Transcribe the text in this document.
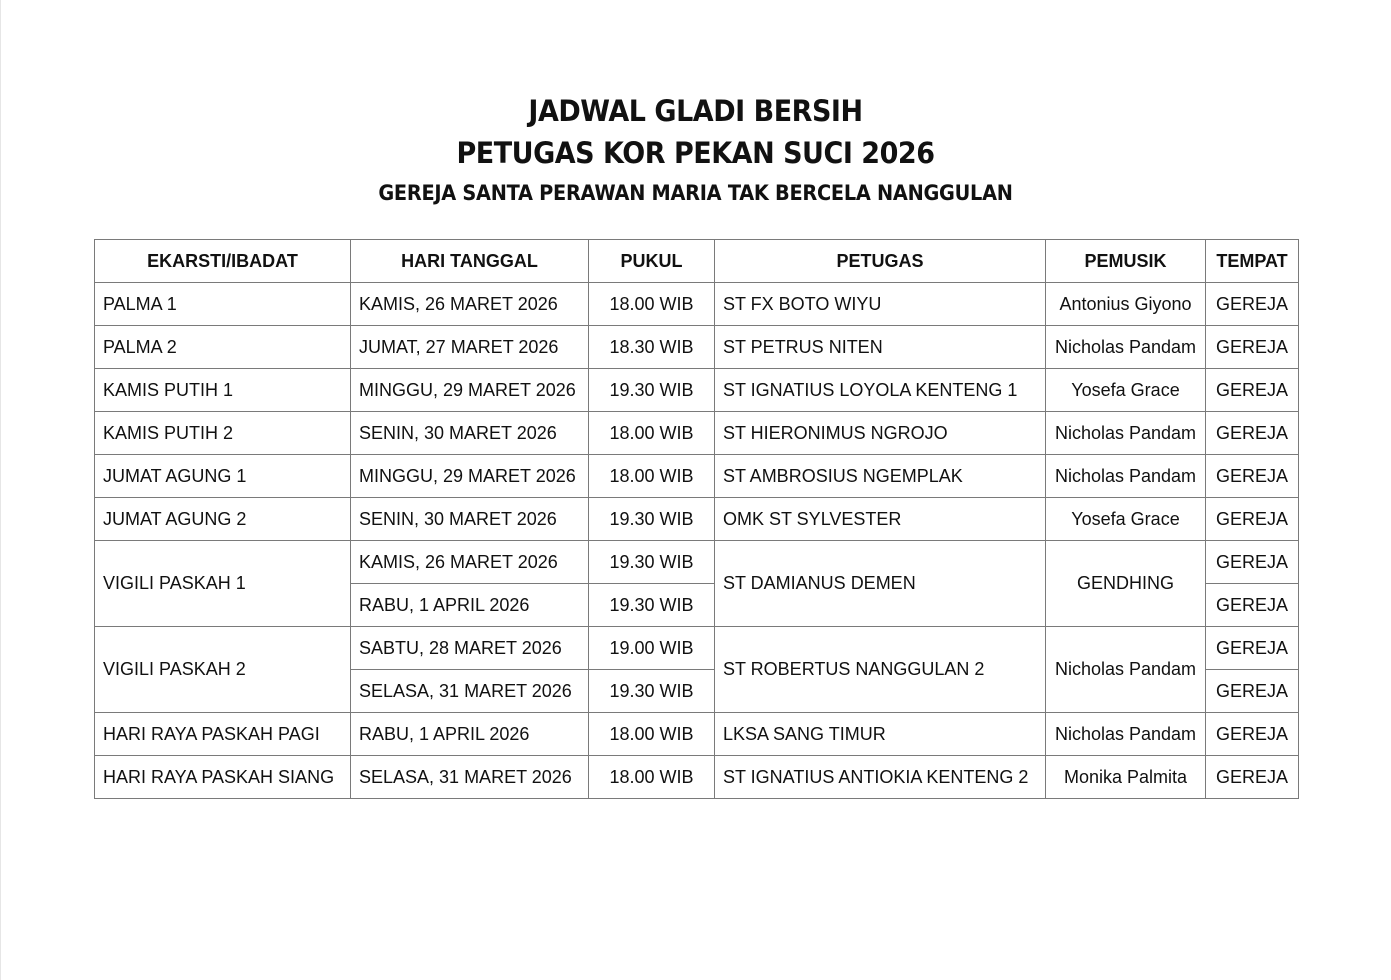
JADWAL GLADI BERSIH
PETUGAS KOR PEKAN SUCI 2026
GEREJA SANTA PERAWAN MARIA TAK BERCELA NANGGULAN
EKARSTI/IBADAT	HARI TANGGAL	PUKUL	PETUGAS	PEMUSIK	TEMPAT
PALMA 1	KAMIS, 26 MARET 2026	18.00 WIB	ST FX BOTO WIYU	Antonius Giyono	GEREJA
PALMA 2	JUMAT, 27 MARET 2026	18.30 WIB	ST PETRUS NITEN	Nicholas Pandam	GEREJA
KAMIS PUTIH 1	MINGGU, 29 MARET 2026	19.30 WIB	ST IGNATIUS LOYOLA KENTENG 1	Yosefa Grace	GEREJA
KAMIS PUTIH 2	SENIN, 30 MARET 2026	18.00 WIB	ST HIERONIMUS NGROJO	Nicholas Pandam	GEREJA
JUMAT AGUNG 1	MINGGU, 29 MARET 2026	18.00 WIB	ST AMBROSIUS NGEMPLAK	Nicholas Pandam	GEREJA
JUMAT AGUNG 2	SENIN, 30 MARET 2026	19.30 WIB	OMK ST SYLVESTER	Yosefa Grace	GEREJA
VIGILI PASKAH 1	KAMIS, 26 MARET 2026	19.30 WIB	ST DAMIANUS DEMEN	GENDHING	GEREJA
	RABU, 1 APRIL 2026	19.30 WIB			GEREJA
VIGILI PASKAH 2	SABTU, 28 MARET 2026	19.00 WIB	ST ROBERTUS NANGGULAN 2	Nicholas Pandam	GEREJA
	SELASA, 31 MARET 2026	19.30 WIB			GEREJA
HARI RAYA PASKAH PAGI	RABU, 1 APRIL 2026	18.00 WIB	LKSA SANG TIMUR	Nicholas Pandam	GEREJA
HARI RAYA PASKAH SIANG	SELASA, 31 MARET 2026	18.00 WIB	ST IGNATIUS ANTIOKIA KENTENG 2	Monika Palmita	GEREJA
